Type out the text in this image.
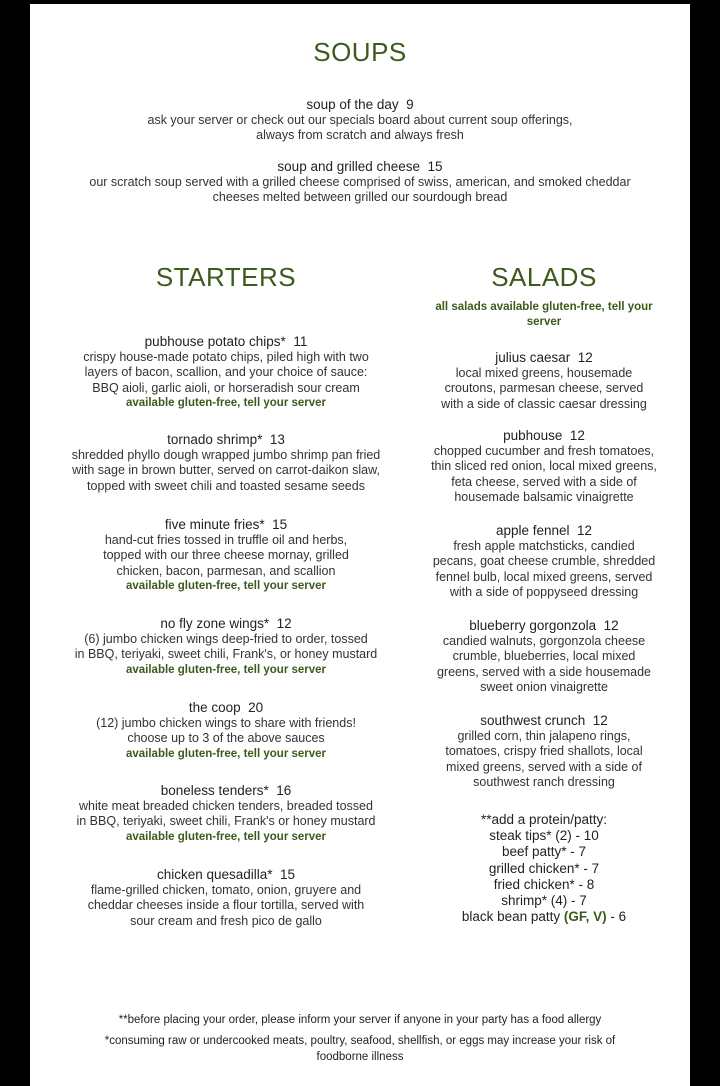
SOUPS
soup of the day 9
ask your server or check out our specials board about current soup offerings,
always from scratch and always fresh
soup and grilled cheese 15
our scratch soup served with a grilled cheese comprised of swiss, american, and smoked cheddar
cheeses melted between grilled our sourdough bread
STARTERS
pubhouse potato chips* 11
crispy house-made potato chips, piled high with two
layers of bacon, scallion, and your choice of sauce:
BBQ aioli, garlic aioli, or horseradish sour cream
available gluten-free, tell your server
tornado shrimp* 13
shredded phyllo dough wrapped jumbo shrimp pan fried
with sage in brown butter, served on carrot-daikon slaw,
topped with sweet chili and toasted sesame seeds
five minute fries* 15
hand-cut fries tossed in truffle oil and herbs,
topped with our three cheese mornay, grilled
chicken, bacon, parmesan, and scallion
available gluten-free, tell your server
no fly zone wings* 12
(6) jumbo chicken wings deep-fried to order, tossed
in BBQ, teriyaki, sweet chili, Frank's, or honey mustard
available gluten-free, tell your server
the coop 20
(12) jumbo chicken wings to share with friends!
choose up to 3 of the above sauces
available gluten-free, tell your server
boneless tenders* 16
white meat breaded chicken tenders, breaded tossed
in BBQ, teriyaki, sweet chili, Frank's or honey mustard
available gluten-free, tell your server
chicken quesadilla* 15
flame-grilled chicken, tomato, onion, gruyere and
cheddar cheeses inside a flour tortilla, served with
sour cream and fresh pico de gallo
SALADS
all salads available gluten-free, tell your
server
julius caesar 12
local mixed greens, housemade
croutons, parmesan cheese, served
with a side of classic caesar dressing
pubhouse 12
chopped cucumber and fresh tomatoes,
thin sliced red onion, local mixed greens,
feta cheese, served with a side of
housemade balsamic vinaigrette
apple fennel 12
fresh apple matchsticks, candied
pecans, goat cheese crumble, shredded
fennel bulb, local mixed greens, served
with a side of poppyseed dressing
blueberry gorgonzola 12
candied walnuts, gorgonzola cheese
crumble, blueberries, local mixed
greens, served with a side housemade
sweet onion vinaigrette
southwest crunch 12
grilled corn, thin jalapeno rings,
tomatoes, crispy fried shallots, local
mixed greens, served with a side of
southwest ranch dressing
**add a protein/patty:
steak tips* (2) - 10
beef patty* - 7
grilled chicken* - 7
fried chicken* - 8
shrimp* (4) - 7
black bean patty (GF, V) - 6
**before placing your order, please inform your server if anyone in your party has a food allergy
*consuming raw or undercooked meats, poultry, seafood, shellfish, or eggs may increase your risk of
foodborne illness
